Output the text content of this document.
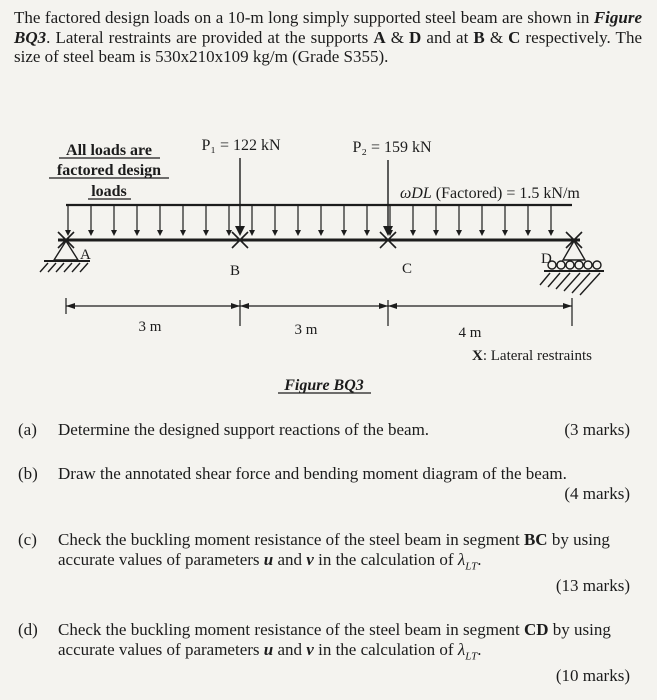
The factored design loads on a 10-m long simply supported steel beam are shown in Figure BQ3. Lateral restraints are provided at the supports A & D and at B & C respectively. The size of steel beam is 530x210x109 kg/m (Grade S355).
All loads are
factored design
loads
P₁ = 122 kN	P₂ = 159 kN
ωDL (Factored) = 1.5 kN/m
A
B	C
D
3 m	3 m	4 m
X: Lateral restraints
Figure BQ3
(a) Determine the designed support reactions of the beam.	(3 marks)
(b) Draw the annotated shear force and bending moment diagram of the beam.
(4 marks)
(c) Check the buckling moment resistance of the steel beam in segment BC by using accurate values of parameters u and v in the calculation of $\lambda_{LT}$.
(13 marks)
(d) Check the buckling moment resistance of the steel beam in segment CD by using accurate values of parameters u and v in the calculation of $\lambda_{LT}$.
(10 marks)
